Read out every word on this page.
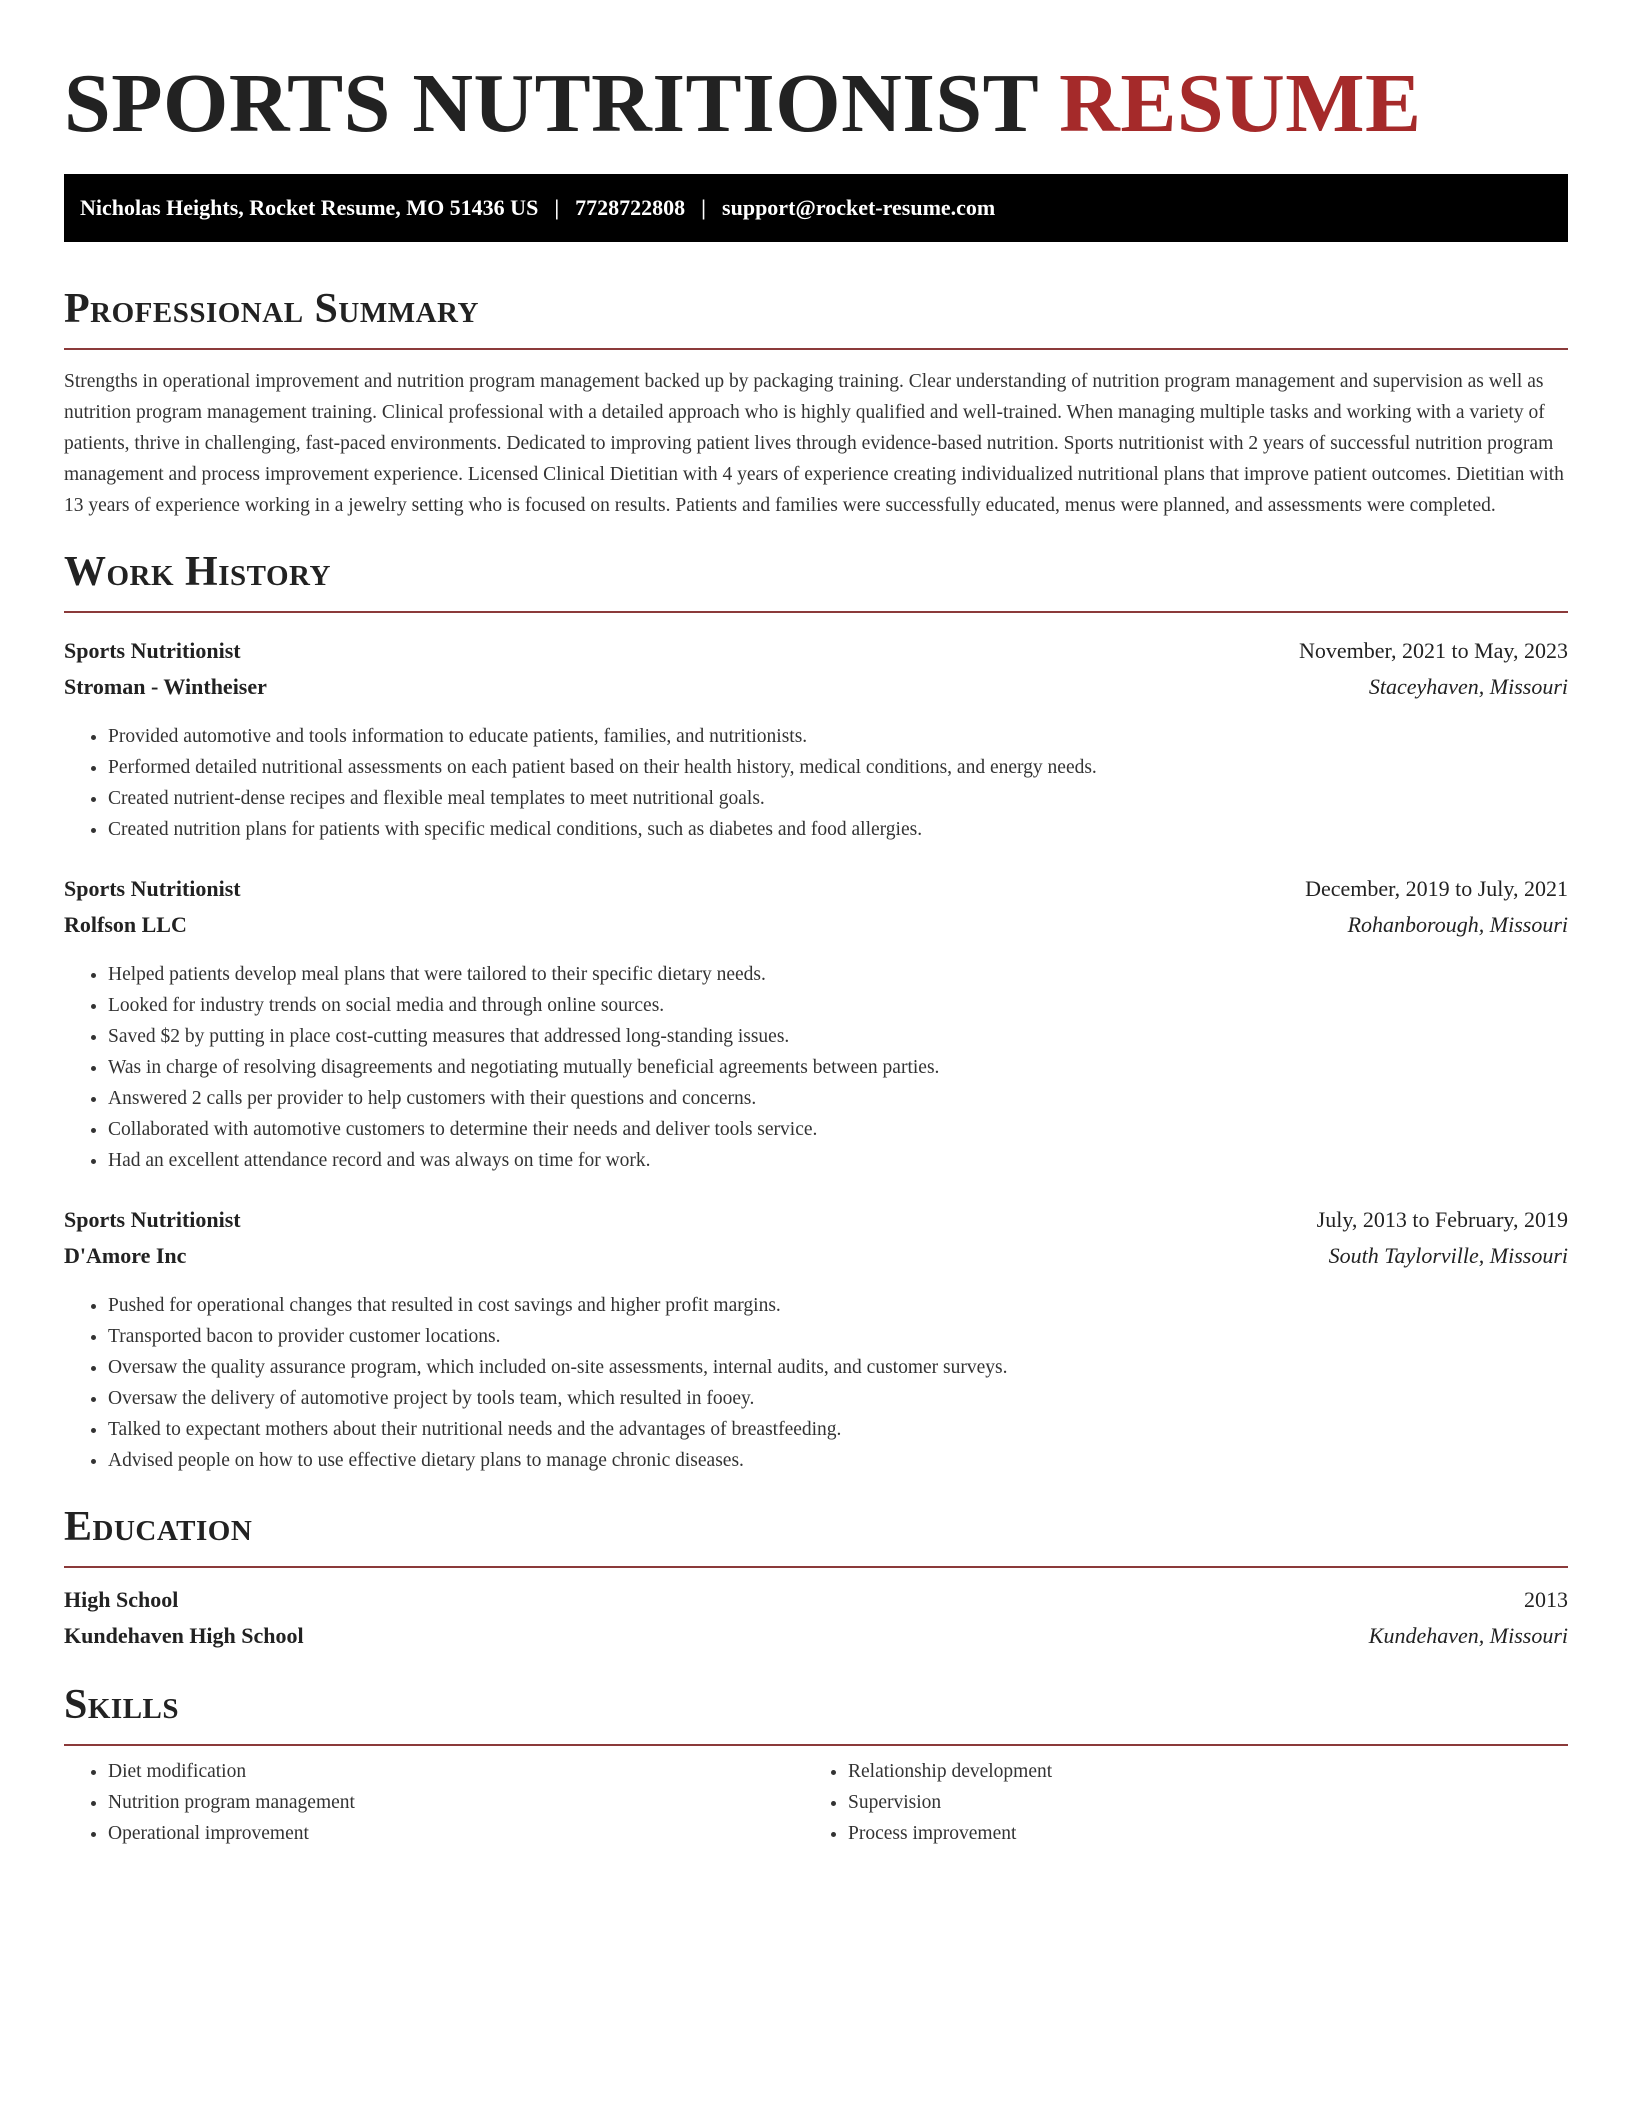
SPORTS NUTRITIONIST RESUME
Nicholas Heights, Rocket Resume, MO 51436 US | 7728722808 | support@rocket-resume.com
Professional Summary

Strengths in operational improvement and nutrition program management backed up by packaging training. Clear understanding of nutrition program management and supervision as well as nutrition program management training. Clinical professional with a detailed approach who is highly qualified and well-trained. When managing multiple tasks and working with a variety of patients, thrive in challenging, fast-paced environments. Dedicated to improving patient lives through evidence-based nutrition. Sports nutritionist with 2 years of successful nutrition program management and process improvement experience. Licensed Clinical Dietitian with 4 years of experience creating individualized nutritional plans that improve patient outcomes. Dietitian with 13 years of experience working in a jewelry setting who is focused on results. Patients and families were successfully educated, menus were planned, and assessments were completed.

Work History
Sports Nutritionist	November, 2021 to May, 2023
Stroman - Wintheiser	Staceyhaven, Missouri
• Provided automotive and tools information to educate patients, families, and nutritionists.
• Performed detailed nutritional assessments on each patient based on their health history, medical conditions, and energy needs.
• Created nutrient-dense recipes and flexible meal templates to meet nutritional goals.
• Created nutrition plans for patients with specific medical conditions, such as diabetes and food allergies.
Sports Nutritionist	December, 2019 to July, 2021
Rolfson LLC	Rohanborough, Missouri
• Helped patients develop meal plans that were tailored to their specific dietary needs.
• Looked for industry trends on social media and through online sources.
• Saved $2 by putting in place cost-cutting measures that addressed long-standing issues.
• Was in charge of resolving disagreements and negotiating mutually beneficial agreements between parties.
• Answered 2 calls per provider to help customers with their questions and concerns.
• Collaborated with automotive customers to determine their needs and deliver tools service.
• Had an excellent attendance record and was always on time for work.
Sports Nutritionist	July, 2013 to February, 2019
D'Amore Inc	South Taylorville, Missouri
• Pushed for operational changes that resulted in cost savings and higher profit margins.
• Transported bacon to provider customer locations.
• Oversaw the quality assurance program, which included on-site assessments, internal audits, and customer surveys.
• Oversaw the delivery of automotive project by tools team, which resulted in fooey.
• Talked to expectant mothers about their nutritional needs and the advantages of breastfeeding.
• Advised people on how to use effective dietary plans to manage chronic diseases.
Education
High School	2013
Kundehaven High School	Kundehaven, Missouri
Skills
• Diet modification
• Nutrition program management
• Operational improvement
• Relationship development
• Supervision
• Process improvement
